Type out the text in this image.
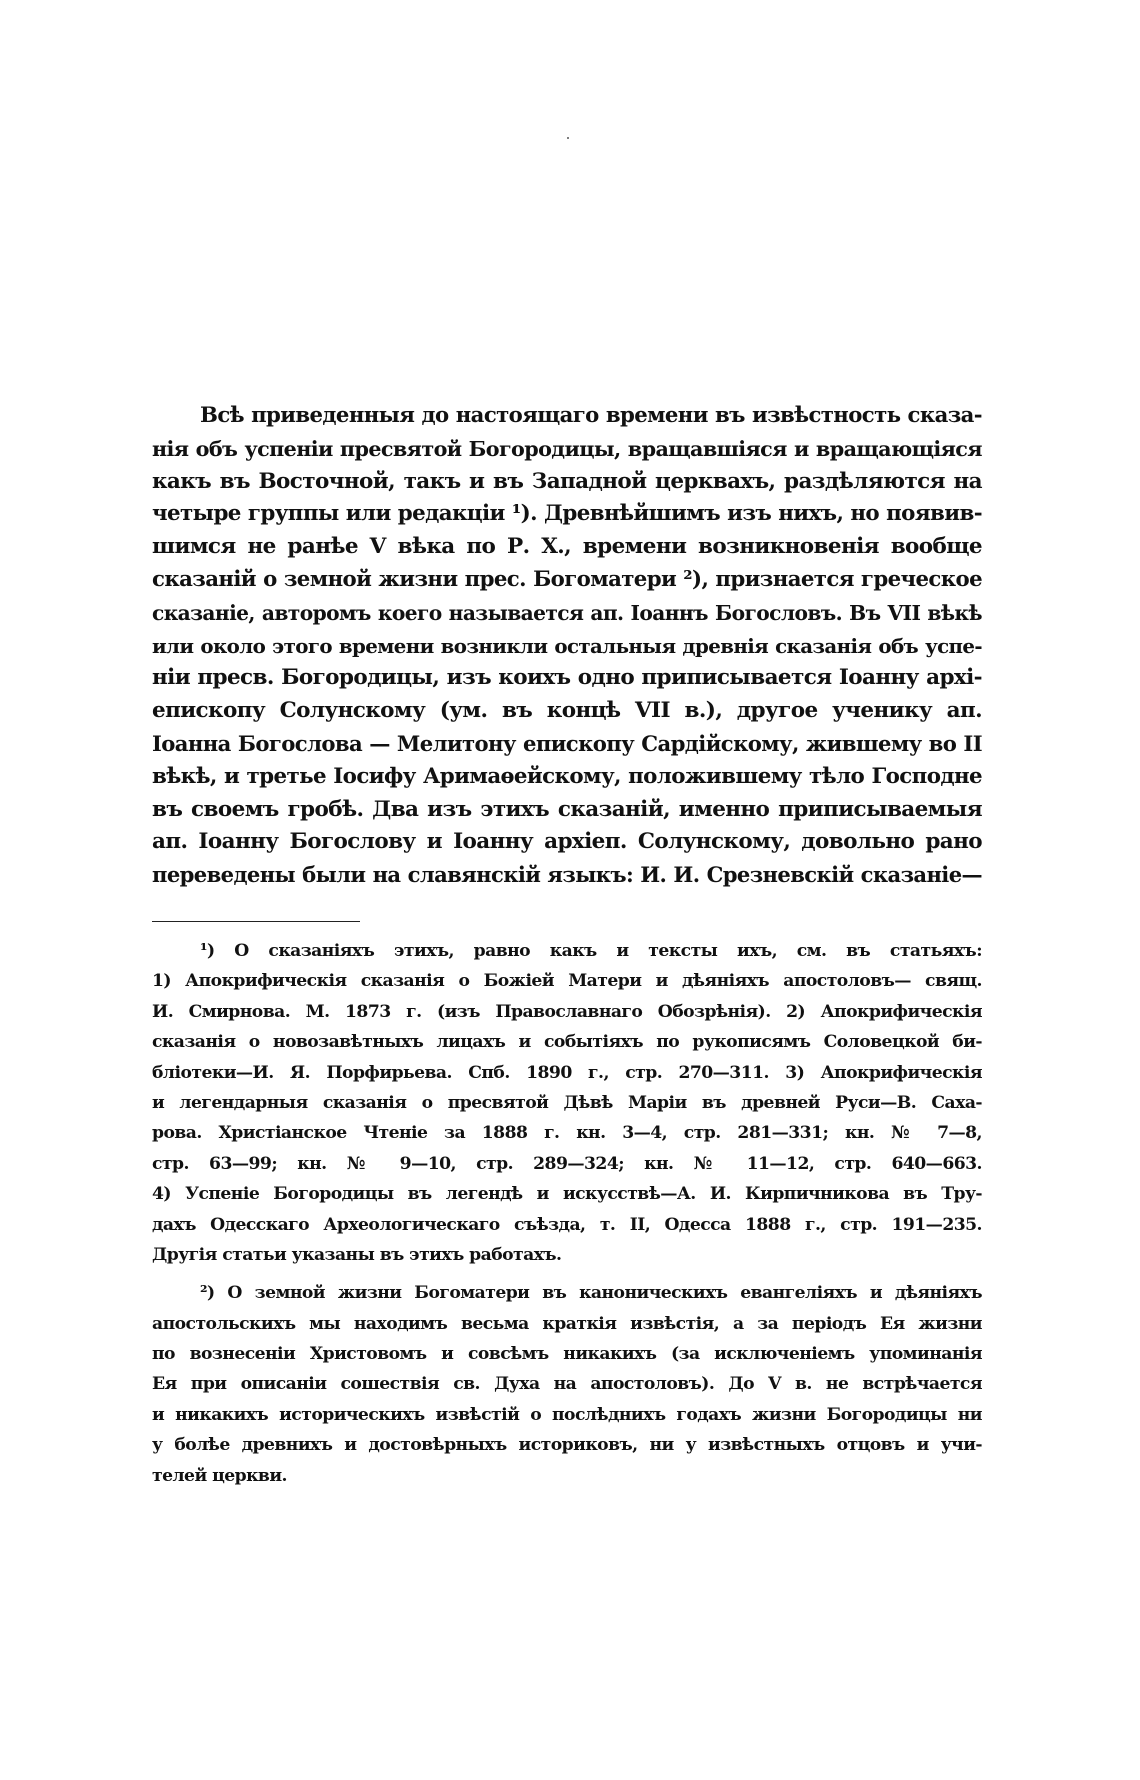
Всѣ приведенныя до настоящаго времени въ извѣстность сказа-
нія объ успеніи пресвятой Богородицы, вращавшіяся и вращающіяся
какъ въ Восточной, такъ и въ Западной церквахъ, раздѣляются на
четыре группы или редакціи ¹). Древнѣйшимъ изъ нихъ, но появив-
шимся не ранѣе V вѣка по Р. Х., времени возникновенія вообще
сказаній о земной жизни прес. Богоматери ²), признается греческое
сказаніе, авторомъ коего называется ап. Іоаннъ Богословъ. Въ VII вѣкѣ
или около этого времени возникли остальныя древнія сказанія объ успе-
ніи пресв. Богородицы, изъ коихъ одно приписывается Іоанну архі-
епископу Солунскому (ум. въ концѣ VII в.), другое ученику ап.
Іоанна Богослова — Мелитону епископу Сардійскому, жившему во II
вѣкѣ, и третье Іосифу Аримаѳейскому, положившему тѣло Господне
въ своемъ гробѣ. Два изъ этихъ сказаній, именно приписываемыя
ап. Іоанну Богослову и Іоанну архіеп. Солунскому, довольно рано
переведены были на славянскій языкъ: И. И. Срезневскій сказаніе—
¹) О сказаніяхъ этихъ, равно какъ и тексты ихъ, см. въ статьяхъ:
1) Апокрифическія сказанія о Божіей Матери и дѣяніяхъ апостоловъ— свящ.
И. Смирнова. М. 1873 г. (изъ Православнаго Обозрѣнія). 2) Апокрифическія
сказанія о новозавѣтныхъ лицахъ и событіяхъ по рукописямъ Соловецкой би-
бліотеки—И. Я. Порфирьева. Спб. 1890 г., стр. 270—311. 3) Апокрифическія
и легендарныя сказанія о пресвятой Дѣвѣ Маріи въ древней Руси—В. Саха-
рова. Христіанское Чтеніе за 1888 г. кн. 3—4, стр. 281—331; кн. № 7—8,
стр. 63—99; кн. № 9—10, стр. 289—324; кн. № 11—12, стр. 640—663.
4) Успеніе Богородицы въ легендѣ и искусствѣ—А. И. Кирпичникова въ Тру-
дахъ Одесскаго Археологическаго съѣзда, т. II, Одесса 1888 г., стр. 191—235.
Другія статьи указаны въ этихъ работахъ.
²) О земной жизни Богоматери въ каноническихъ евангеліяхъ и дѣяніяхъ
апостольскихъ мы находимъ весьма краткія извѣстія, а за періодъ Ея жизни
по вознесеніи Христовомъ и совсѣмъ никакихъ (за исключеніемъ упоминанія
Ея при описаніи сошествія св. Духа на апостоловъ). До V в. не встрѣчается
и никакихъ историческихъ извѣстій о послѣднихъ годахъ жизни Богородицы ни
у болѣе древнихъ и достовѣрныхъ историковъ, ни у извѣстныхъ отцовъ и учи-
телей церкви.
